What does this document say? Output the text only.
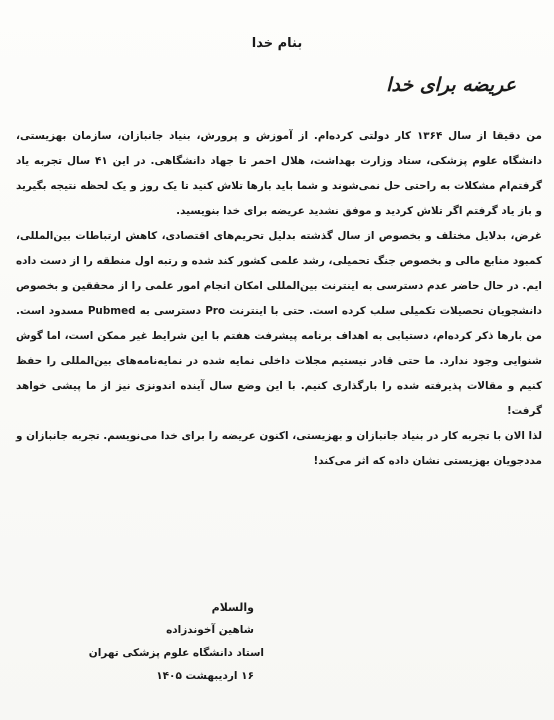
بنام خدا
عریضه برای خدا

من دقیقا از سال ۱۳۶۴ کار دولتی کرده‌ام. از آموزش و پرورش، بنیاد جانبازان، سازمان بهزیستی، دانشگاه علوم پزشکی، ستاد وزارت بهداشت، هلال احمر تا جهاد دانشگاهی. در این ۴۱ سال تجربه یاد گرفتم‌ام مشکلات به راحتی حل نمی‌شوند و شما باید بارها تلاش کنید تا یک روز و یک لحظه نتیجه بگیرید و باز یاد گرفتم اگر تلاش کردید و موفق نشدید عریضه برای خدا بنویسید.

غرض، بدلایل مختلف و بخصوص از سال گذشته بدلیل تحریم‌های اقتصادی، کاهش ارتباطات بین‌المللی، کمبود منابع مالی و بخصوص جنگ تحمیلی، رشد علمی کشور کند شده و رتبه اول منطقه را از دست داده ایم. در حال حاضر عدم دسترسی به اینترنت بین‌المللی امکان انجام امور علمی را از محققین و بخصوص دانشجویان تحصیلات تکمیلی سلب کرده است. حتی با اینترنت Pro دسترسی به Pubmed مسدود است. من بارها ذکر کرده‌ام، دستیابی به اهداف برنامه پیشرفت هفتم با این شرایط غیر ممکن است، اما گوش شنوایی وجود ندارد. ما حتی قادر نیستیم مجلات داخلی نمایه شده در نمایه‌نامه‌های بین‌المللی را حفظ کنیم و مقالات پذیرفته شده را بارگذاری کنیم. با این وضع سال آینده اندونزی نیز از ما پیشی خواهد گرفت!

لذا الان با تجربه کار در بنیاد جانبازان و بهزیستی، اکنون عریضه را برای خدا می‌نویسم. تجربه جانبازان و مددجویان بهزیستی نشان داده که اثر می‌کند!

والسلام
شاهین آخوندزاده
استاد دانشگاه علوم پزشکی تهران
۱۶ اردیبهشت ۱۴۰۵
